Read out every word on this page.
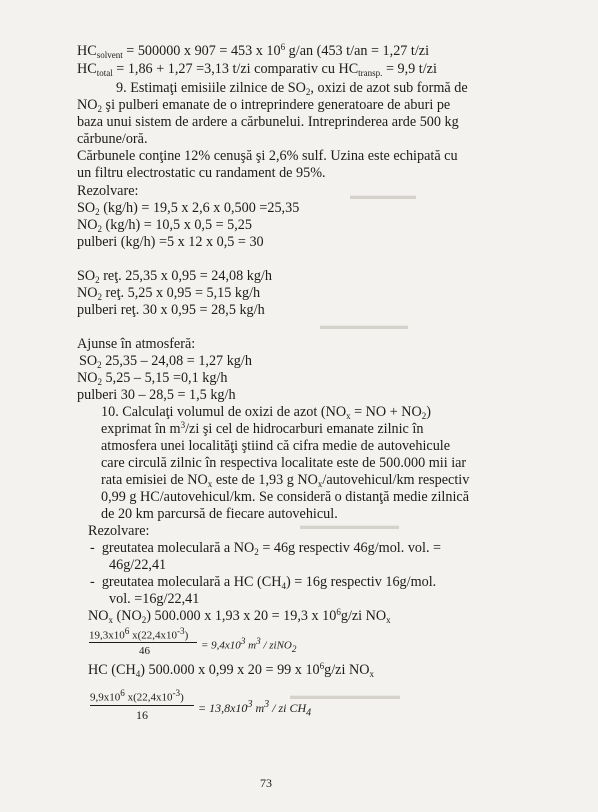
▬▬▬▬▬▬
▬▬▬▬▬▬▬▬
▬▬▬▬▬▬▬▬▬
▬▬▬▬▬▬▬▬▬▬
$HC_{solvent} = 500000$ x 907 = 453 x $10^6$ g/an (453 t/an = 1,27 t/zi
$HC_{total} = 1,86 + 1,27 =3,13$ t/zi comparativ cu $HC_{transp.} = 9,9$ t/zi
9. Estimaţi emisiile zilnice de $SO_2$, oxizi de azot sub formă de
$NO_2$ şi pulberi emanate de o intreprindere generatoare de aburi pe
baza unui sistem de ardere a cărbunelui. Intreprinderea arde 500 kg
cărbune/oră.
Cărbunele conţine 12% cenuşă şi 2,6% sulf. Uzina este echipată cu
un filtru electrostatic cu randament de 95%.
Rezolvare:
$SO_2$ (kg/h) = 19,5 x 2,6 x 0,500 =25,35
$NO_2$ (kg/h) = 10,5 x 0,5 = 5,25
pulberi (kg/h) =5 x 12 x 0,5 = 30
$SO_2$ reţ. 25,35 x 0,95 = 24,08 kg/h
$NO_2$ reţ. 5,25 x 0,95 = 5,15 kg/h
pulberi reţ. 30 x 0,95 = 28,5 kg/h
Ajunse în atmosferă:
$SO_2$ 25,35 – 24,08 = 1,27 kg/h
$NO_2$ 5,25 – 5,15 =0,1 kg/h
pulberi 30 – 28,5 = 1,5 kg/h
10. Calculaţi volumul de oxizi de azot ($NO_x$ = NO + $NO_2$)
exprimat în $m^3/zi$ şi cel de hidrocarburi emanate zilnic în
atmosfera unei localităţi ştiind că cifra medie de autovehicule
care circulă zilnic în respectiva localitate este de 500.000 mii iar
rata emisiei de $NO_x$ este de 1,93 g $NO_x/autovehicul/km$ respectiv
0,99 g HC/autovehicul/km. Se consideră o distanţă medie zilnică
de 20 km parcursă de fiecare autovehicul.
Rezolvare:
-  greutatea moleculară a $NO_2 = 46g$ respectiv 46g/mol. vol. =
46g/22,41
-  greutatea moleculară a HC $(CH_4) = 16g$ respectiv 16g/mol.
vol. =16g/22,41
$NO_x$ $(NO_2)$ 500.000 x 1,93 x 20 = 19,3 x $10^6g/zi$ $NO_x$
$19,3x10^6$ $x(22,4x10^{-3})$
= $9,4x10^3$ $m^3$ / ziNO$_2$
46
HC $(CH_4)$ 500.000 x 0,99 x 20 = 99 x $10^6g/zi$ $NO_x$
$9,9x10^6$ $x(22,4x10^{-3})$
= $13,8x10^3$ $m^3$ / zi $CH_4$
16
73
